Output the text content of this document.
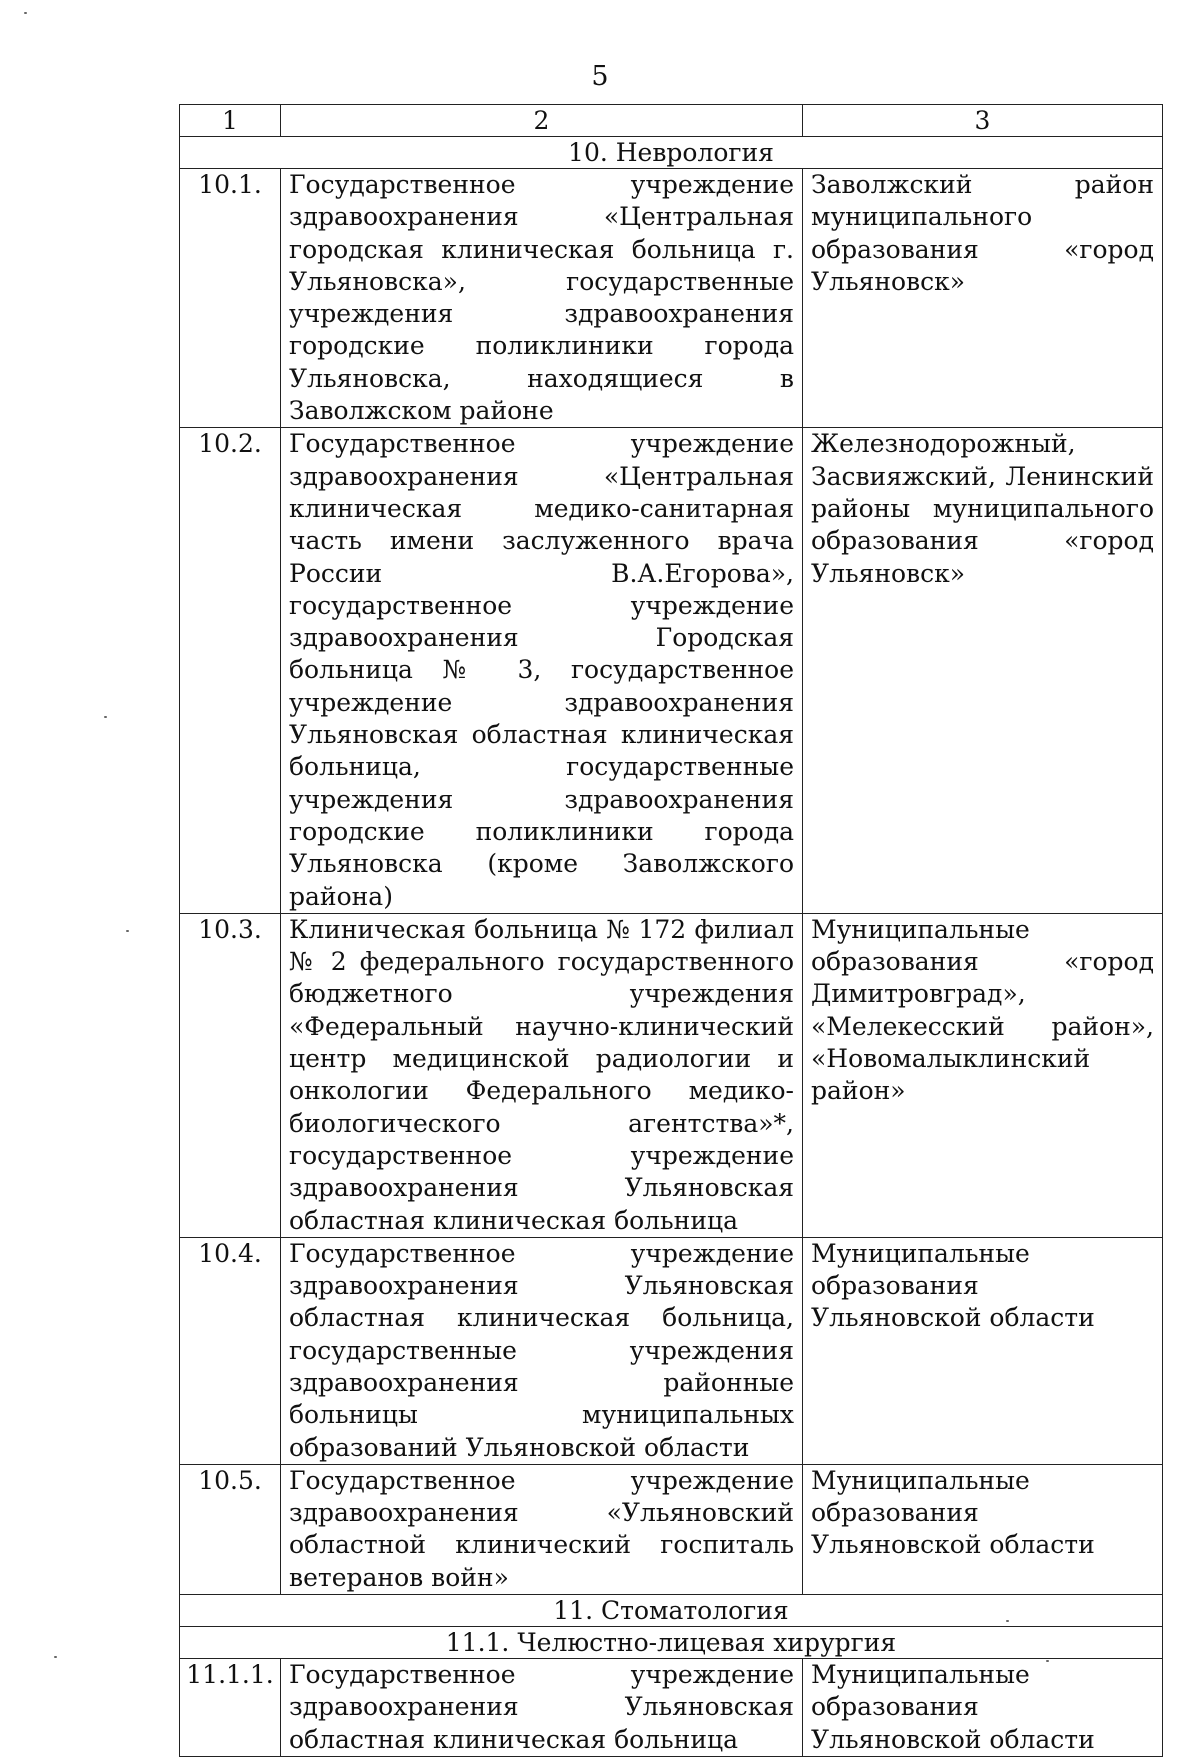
5
1	2	3
10. Неврология		
10.1.	Государственное учреждение здравоохранения «Центральная городская клиническая больница г. Ульяновска», государственные учреждения здравоохранения городские поликлиники города Ульяновска, находящиеся в Заволжском районе	Заволжский район муниципального образования «город Ульяновск»
10.2.	Государственное учреждение здравоохранения «Центральная клиническая медико-санитарная часть имени заслуженного врача России В.А.Егорова», государственное учреждение здравоохранения Городская больница № 3, государственное учреждение здравоохранения Ульяновская областная клиническая больница, государственные учреждения здравоохранения городские поликлиники города Ульяновска (кроме Заволжского района)	Железнодорожный, Засвияжский, Ленинский районы муниципального образования «город Ульяновск»
10.3.	Клиническая больница № 172 филиал № 2 федерального государственного бюджетного учреждения «Федеральный научно-клинический центр медицинской радиологии и онкологии Федерального медико-биологического агентства»*, государственное учреждение здравоохранения Ульяновская областная клиническая больница	Муниципальные образования «город Димитровград», «Мелекесский район», «Новомалыклинский район»
10.4.	Государственное учреждение здравоохранения Ульяновская областная клиническая больница, государственные учреждения здравоохранения районные больницы муниципальных образований Ульяновской области	Муниципальные образования Ульяновской области
10.5.	Государственное учреждение здравоохранения «Ульяновский областной клинический госпиталь ветеранов войн»	Муниципальные образования Ульяновской области
11. Стоматология		
11.1. Челюстно-лицевая хирургия		
11.1.1.	Государственное учреждение здравоохранения Ульяновская областная клиническая больница	Муниципальные образования Ульяновской области
